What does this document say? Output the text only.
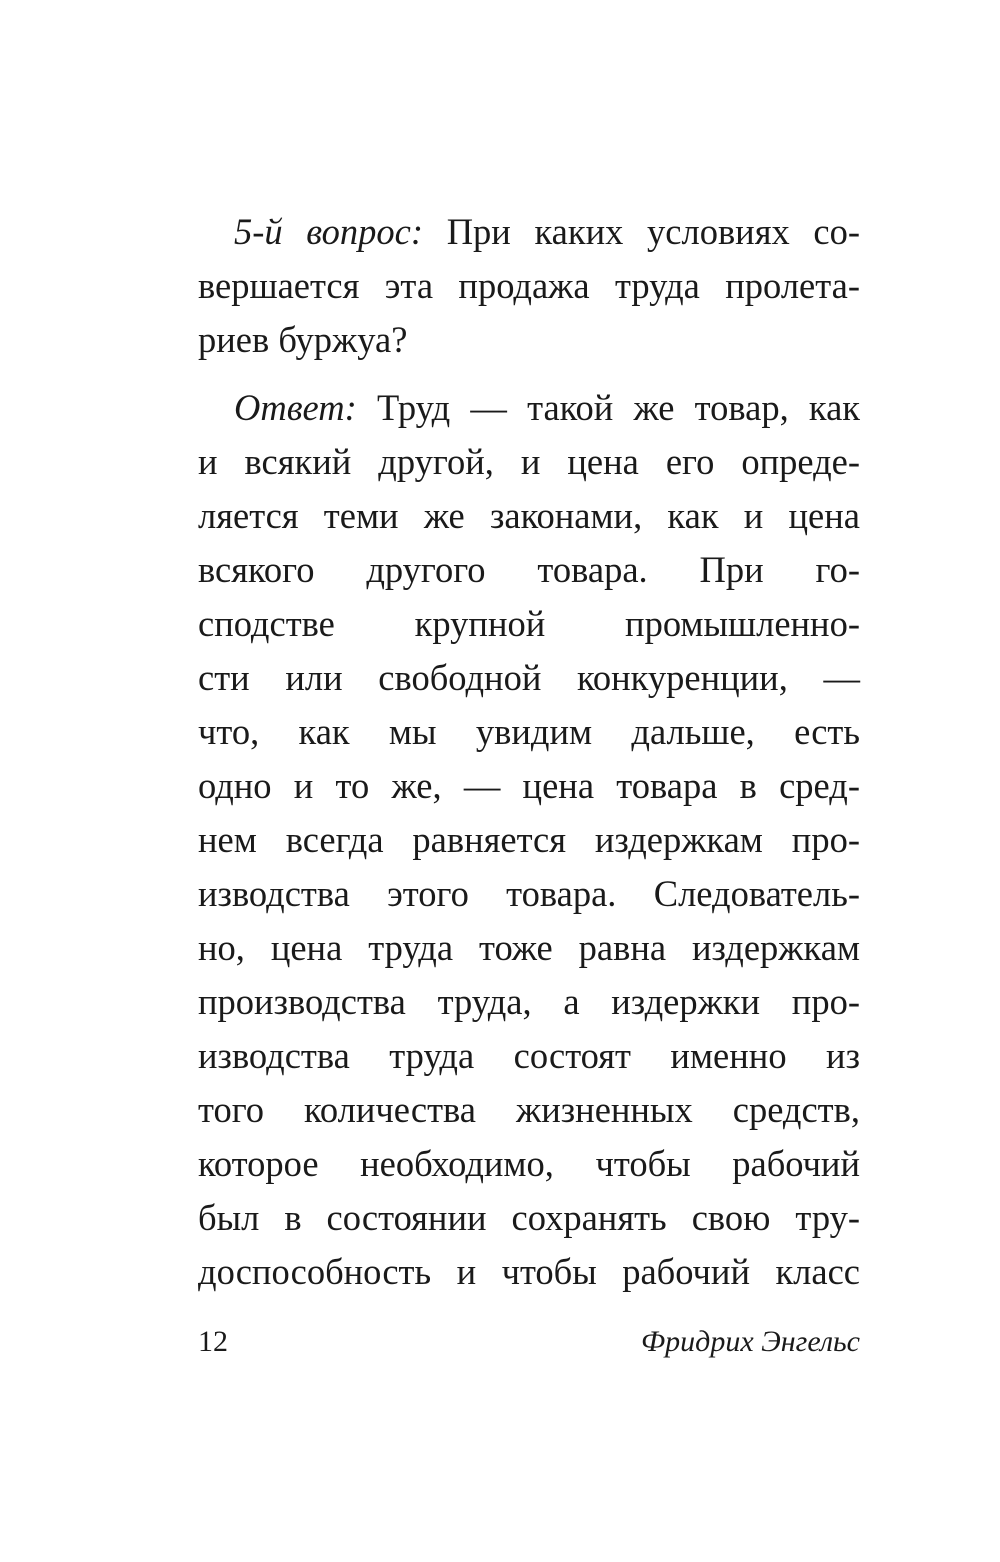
5-й вопрос: При каких условиях со-
вершается эта продажа труда пролета-
риев буржуа?
Ответ: Труд — такой же товар, как
и всякий другой, и цена его опреде-
ляется теми же законами, как и цена
всякого другого товара. При го-
сподстве крупной промышленно-
сти или свободной конкуренции, —
что, как мы увидим дальше, есть
одно и то же, — цена товара в сред-
нем всегда равняется издержкам про-
изводства этого товара. Следователь-
но, цена труда тоже равна издержкам
производства труда, а издержки про-
изводства труда состоят именно из
того количества жизненных средств,
которое необходимо, чтобы рабочий
был в состоянии сохранять свою тру-
доспособность и чтобы рабочий класс
12	Фридрих Энгельс
